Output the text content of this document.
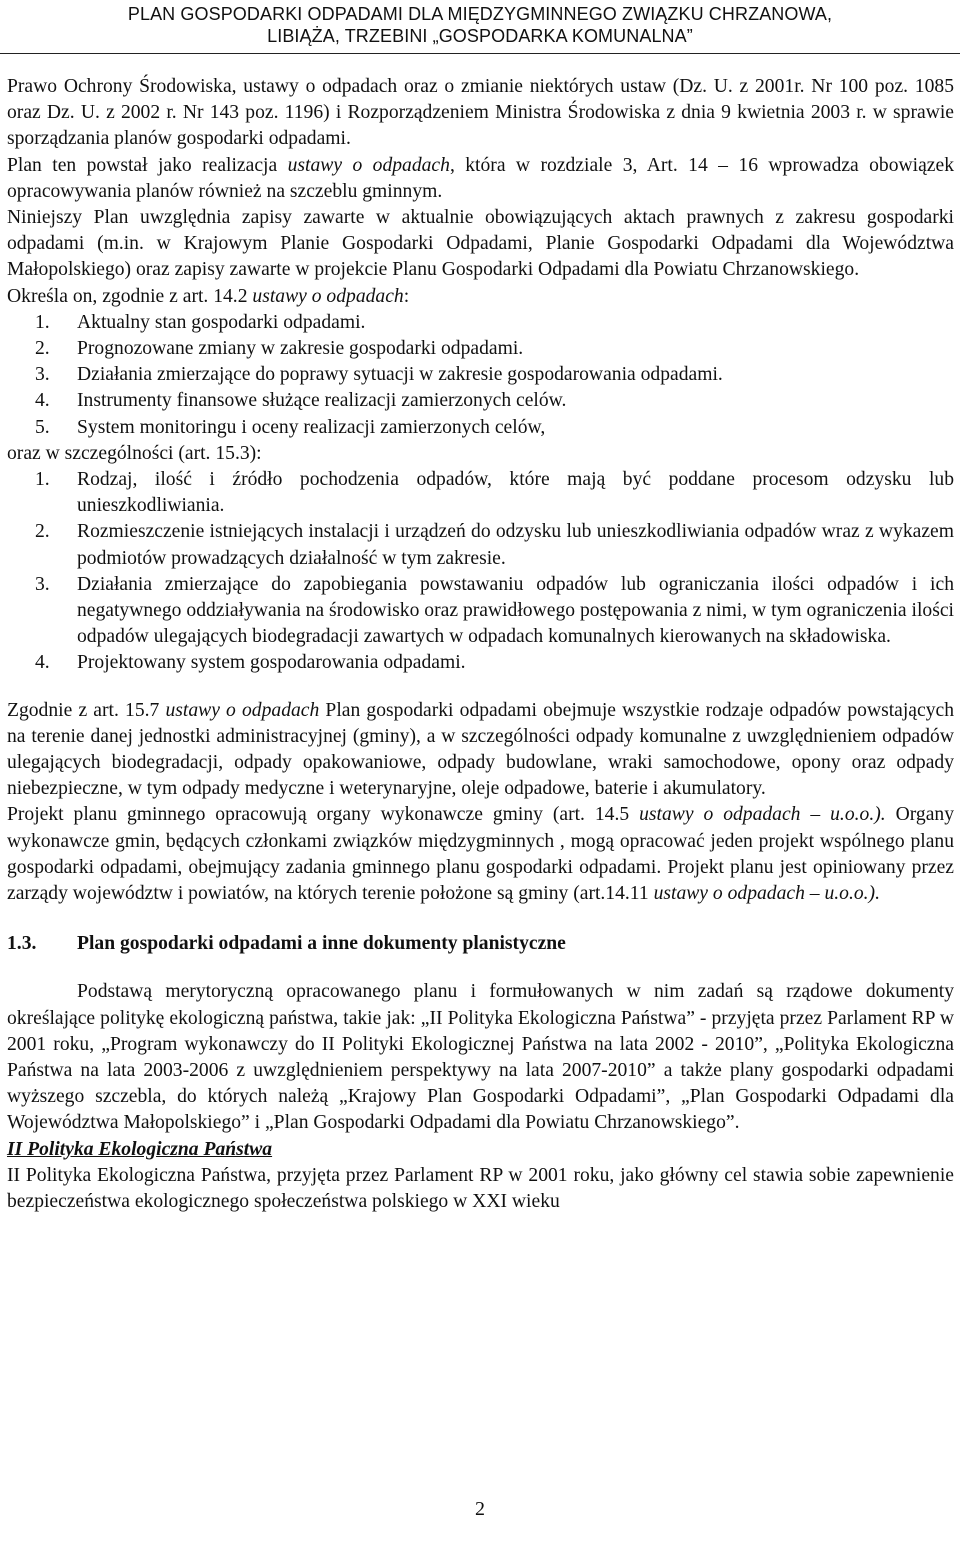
PLAN GOSPODARKI ODPADAMI DLA MIĘDZYGMINNEGO ZWIĄZKU CHRZANOWA,
LIBIĄŻA, TRZEBINI „GOSPODARKA KOMUNALNA”

Prawo Ochrony Środowiska, ustawy o odpadach oraz o zmianie niektórych ustaw (Dz. U. z 2001r. Nr 100 poz. 1085 oraz Dz. U. z 2002 r. Nr 143 poz. 1196) i Rozporządzeniem Ministra Środowiska z dnia 9 kwietnia 2003 r. w sprawie sporządzania planów gospodarki odpadami.

Plan ten powstał jako realizacja ustawy o odpadach, która w rozdziale 3, Art. 14 – 16 wprowadza obowiązek opracowywania planów również na szczeblu gminnym.

Niniejszy Plan uwzględnia zapisy zawarte w aktualnie obowiązujących aktach prawnych z zakresu gospodarki odpadami (m.in. w Krajowym Planie Gospodarki Odpadami, Planie Gospodarki Odpadami dla Województwa Małopolskiego) oraz zapisy zawarte w projekcie Planu Gospodarki Odpadami dla Powiatu Chrzanowskiego.

Określa on, zgodnie z art. 14.2 ustawy o odpadach:

1. Aktualny stan gospodarki odpadami.
2. Prognozowane zmiany w zakresie gospodarki odpadami.
3. Działania zmierzające do poprawy sytuacji w zakresie gospodarowania odpadami.
4. Instrumenty finansowe służące realizacji zamierzonych celów.
5. System monitoringu i oceny realizacji zamierzonych celów,

oraz w szczególności (art. 15.3):

1. Rodzaj, ilość i źródło pochodzenia odpadów, które mają być poddane procesom odzysku lub unieszkodliwiania.
2. Rozmieszczenie istniejących instalacji i urządzeń do odzysku lub unieszkodliwiania odpadów wraz z wykazem podmiotów prowadzących działalność w tym zakresie.
3. Działania zmierzające do zapobiegania powstawaniu odpadów lub ograniczania ilości odpadów i ich negatywnego oddziaływania na środowisko oraz prawidłowego postępowania z nimi, w tym ograniczenia ilości odpadów ulegających biodegradacji zawartych w odpadach komunalnych kierowanych na składowiska.
4. Projektowany system gospodarowania odpadami.

Zgodnie z art. 15.7 ustawy o odpadach Plan gospodarki odpadami obejmuje wszystkie rodzaje odpadów powstających na terenie danej jednostki administracyjnej (gminy), a w szczególności odpady komunalne z uwzględnieniem odpadów ulegających biodegradacji, odpady opakowaniowe, odpady budowlane, wraki samochodowe, opony oraz odpady niebezpieczne, w tym odpady medyczne i weterynaryjne, oleje odpadowe, baterie i akumulatory.

Projekt planu gminnego opracowują organy wykonawcze gminy (art. 14.5 ustawy o odpadach – u.o.o.). Organy wykonawcze gmin, będących członkami związków międzygminnych , mogą opracować jeden projekt wspólnego planu gospodarki odpadami, obejmujący zadania gminnego planu gospodarki odpadami. Projekt planu jest opiniowany przez zarządy województw i powiatów, na których terenie położone są gminy (art.14.11 ustawy o odpadach – u.o.o.).

1.3. Plan gospodarki odpadami a inne dokumenty planistyczne

Podstawą merytoryczną opracowanego planu i formułowanych w nim zadań są rządowe dokumenty określające politykę ekologiczną państwa, takie jak: „II Polityka Ekologiczna Państwa” - przyjęta przez Parlament RP w 2001 roku, „Program wykonawczy do II Polityki Ekologicznej Państwa na lata 2002 - 2010”, „Polityka Ekologiczna Państwa na lata 2003-2006 z uwzględnieniem perspektywy na lata 2007-2010” a także plany gospodarki odpadami wyższego szczebla, do których należą „Krajowy Plan Gospodarki Odpadami”, „Plan Gospodarki Odpadami dla Województwa Małopolskiego” i „Plan Gospodarki Odpadami dla Powiatu Chrzanowskiego”.

II Polityka Ekologiczna Państwa

II Polityka Ekologiczna Państwa, przyjęta przez Parlament RP w 2001 roku, jako główny cel stawia sobie zapewnienie bezpieczeństwa ekologicznego społeczeństwa polskiego w XXI wieku

2
